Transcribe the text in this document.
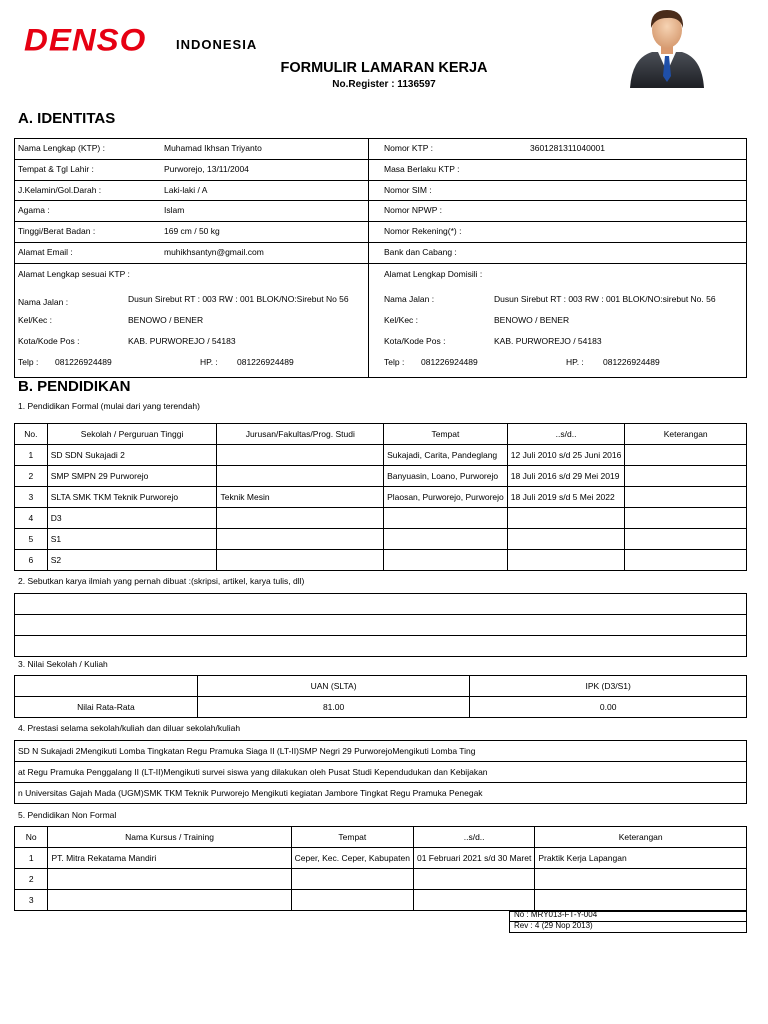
DENSO INDONESIA
FORMULIR LAMARAN KERJA
No.Register : 1136597
A. IDENTITAS
Nama Lengkap (KTP) :	Muhamad Ikhsan Triyanto	Nomor KTP :	3601281311040001
Tempat & Tgl Lahir :	Purworejo, 13/11/2004	Masa Berlaku KTP :
J.Kelamin/Gol.Darah :	Laki-laki / A	Nomor SIM :
Agama :	Islam	Nomor NPWP :
Tinggi/Berat Badan :	169 cm / 50 kg	Nomor Rekening(*) :
Alamat Email :	muhikhsantyn@gmail.com	Bank dan Cabang :
Alamat Lengkap sesuai KTP :
Nama Jalan :	Dusun Sirebut RT : 003 RW : 001 BLOK/NO:Sirebut No 56
Kel/Kec :	BENOWO / BENER
Kota/Kode Pos :	KAB. PURWOREJO / 54183
Telp : 081226924489	HP. : 081226924489
Alamat Lengkap Domisili :
Nama Jalan :	Dusun Sirebut RT : 003 RW : 001 BLOK/NO:sirebut No. 56
Kel/Kec :	BENOWO / BENER
Kota/Kode Pos :	KAB. PURWOREJO / 54183
Telp : 081226924489	HP. : 081226924489
B. PENDIDIKAN
1. Pendidikan Formal (mulai dari yang terendah)
No.	Sekolah / Perguruan Tinggi	Jurusan/Fakultas/Prog. Studi	Tempat	..s/d..	Keterangan
1	SD SDN Sukajadi 2		Sukajadi, Carita, Pandeglang	12 Juli 2010 s/d 25 Juni 2016	
2	SMP SMPN 29 Purworejo		Banyuasin, Loano, Purworejo	18 Juli 2016 s/d 29 Mei 2019	
3	SLTA SMK TKM Teknik Purworejo	Teknik Mesin	Plaosan, Purworejo, Purworejo	18 Juli 2019 s/d 5 Mei 2022	
4	D3				
5	S1				
6	S2				
2. Sebutkan karya ilmiah yang pernah dibuat :(skripsi, artikel, karya tulis, dll)

3. Nilai Sekolah / Kuliah
	UAN (SLTA)	IPK (D3/S1)
Nilai Rata-Rata	81.00	0.00
4. Prestasi selama sekolah/kuliah dan diluar sekolah/kuliah
SD N Sukajadi 2Mengikuti Lomba Tingkatan Regu Pramuka Siaga II (LT-II)SMP Negri 29 PurworejoMengikuti Lomba Ting
at Regu Pramuka Penggalang II (LT-II)Mengikuti survei siswa yang dilakukan oleh Pusat Studi Kependudukan dan Kebijakan
n Universitas Gajah Mada (UGM)SMK TKM Teknik Purworejo Mengikuti kegiatan Jambore Tingkat Regu Pramuka Penegak
5. Pendidikan Non Formal
No	Nama Kursus / Training	Tempat	..s/d..	Keterangan
1	PT. Mitra Rekatama Mandiri	Ceper, Kec. Ceper, Kabupaten	01 Februari 2021 s/d 30 Maret	Praktik Kerja Lapangan
2				
3				
No : MRY013-FT-Y-004
Rev : 4 (29 Nop 2013)
